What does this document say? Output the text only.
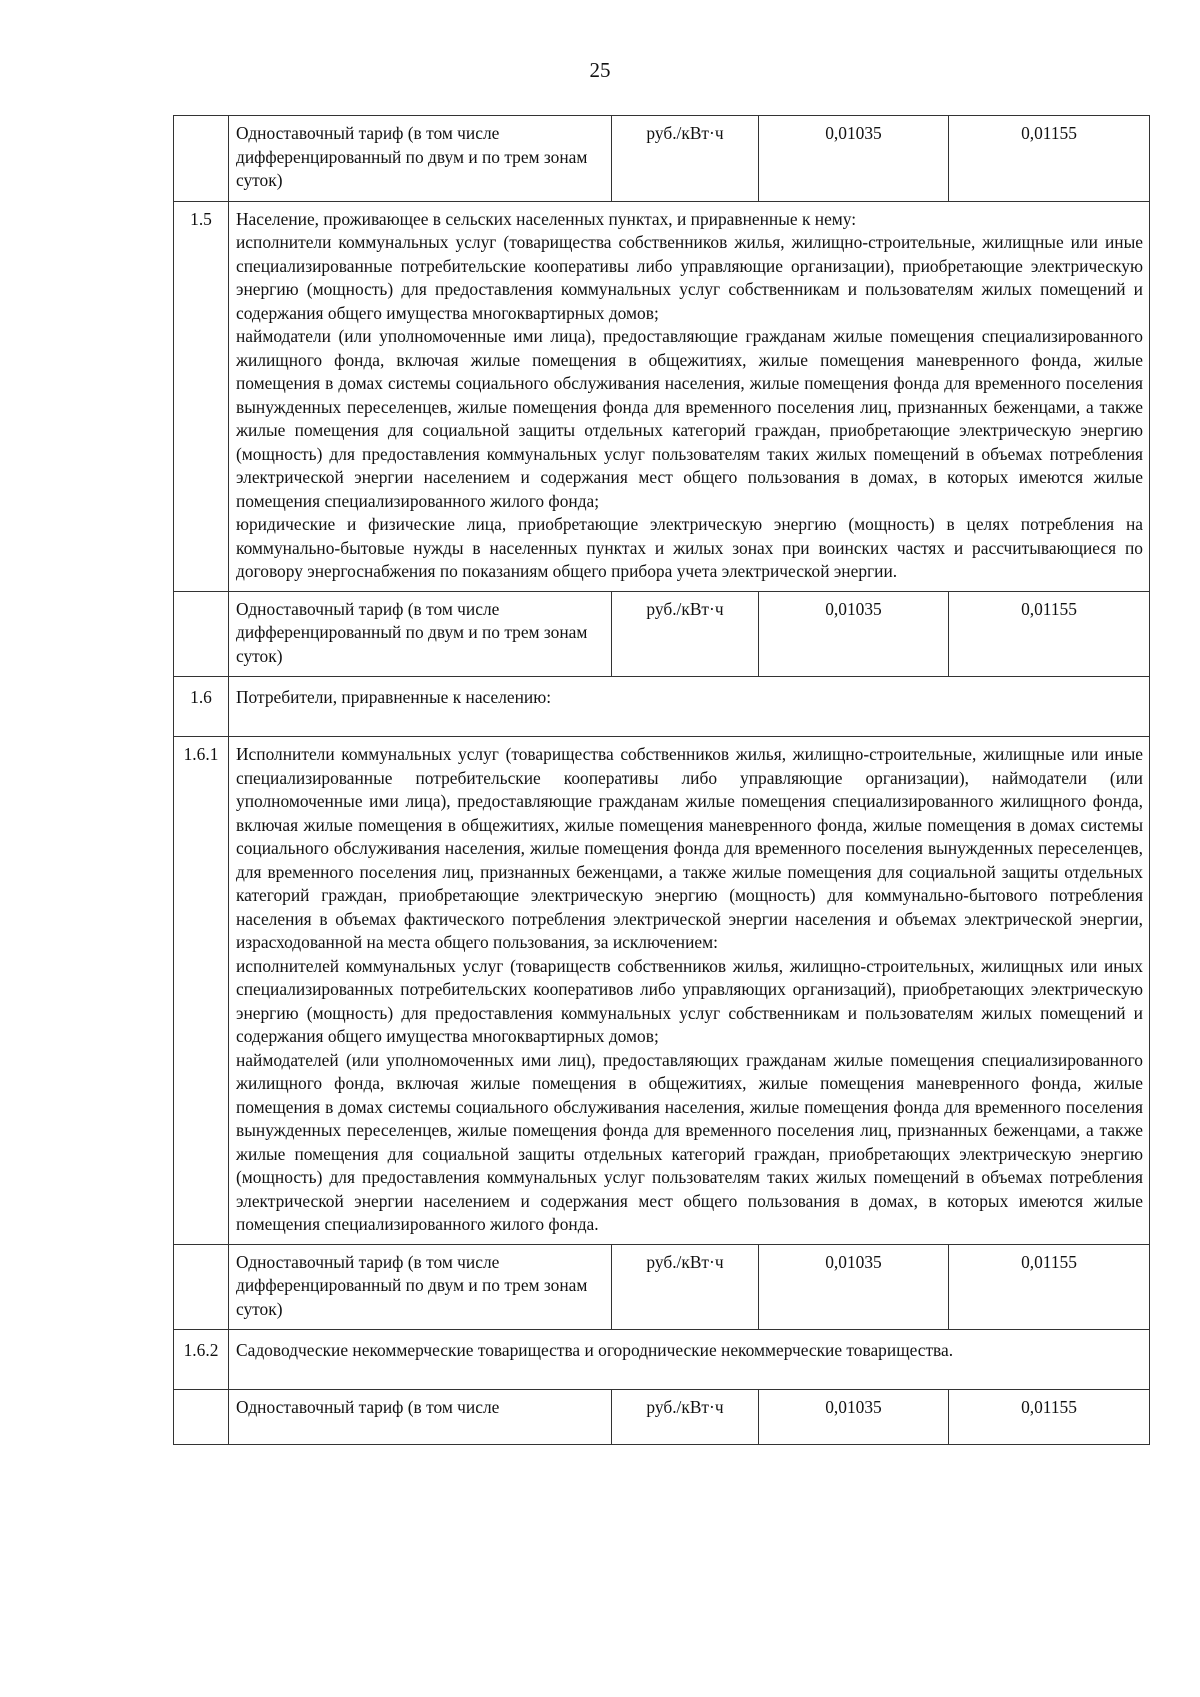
25
	Одноставочный тариф (в том числе дифференцированный по двум и по трем зонам суток)	руб./кВт·ч	0,01035	0,01155
1.5	Население, проживающее в сельских населенных пунктах, и приравненные к нему:

исполнители коммунальных услуг (товарищества собственников жилья, жилищно-строительные, жилищные или иные специализированные потребительские кооперативы либо управляющие организации), приобретающие электрическую энергию (мощность) для предоставления коммунальных услуг собственникам и пользователям жилых помещений и содержания общего имущества многоквартирных домов;

наймодатели (или уполномоченные ими лица), предоставляющие гражданам жилые помещения специализированного жилищного фонда, включая жилые помещения в общежитиях, жилые помещения маневренного фонда, жилые помещения в домах системы социального обслуживания населения, жилые помещения фонда для временного поселения вынужденных переселенцев, жилые помещения фонда для временного поселения лиц, признанных беженцами, а также жилые помещения для социальной защиты отдельных категорий граждан, приобретающие электрическую энергию (мощность) для предоставления коммунальных услуг пользователям таких жилых помещений в объемах потребления электрической энергии населением и содержания мест общего пользования в домах, в которых имеются жилые помещения специализированного жилого фонда;

юридические и физические лица, приобретающие электрическую энергию (мощность) в целях потребления на коммунально-бытовые нужды в населенных пунктах и жилых зонах при воинских частях и рассчитывающиеся по договору энергоснабжения по показаниям общего прибора учета электрической энергии.			

	Одноставочный тариф (в том числе дифференцированный по двум и по трем зонам суток)	руб./кВт·ч	0,01035	0,01155
1.6	Потребители, приравненные к населению:			
1.6.1	Исполнители коммунальных услуг (товарищества собственников жилья, жилищно-строительные, жилищные или иные специализированные потребительские кооперативы либо управляющие организации), наймодатели (или уполномоченные ими лица), предоставляющие гражданам жилые помещения специализированного жилищного фонда, включая жилые помещения в общежитиях, жилые помещения маневренного фонда, жилые помещения в домах системы социального обслуживания населения, жилые помещения фонда для временного поселения вынужденных переселенцев, для временного поселения лиц, признанных беженцами, а также жилые помещения для социальной защиты отдельных категорий граждан, приобретающие электрическую энергию (мощность) для коммунально-бытового потребления населения в объемах фактического потребления электрической энергии населения и объемах электрической энергии, израсходованной на места общего пользования, за исключением:

исполнителей коммунальных услуг (товариществ собственников жилья, жилищно-строительных, жилищных или иных специализированных потребительских кооперативов либо управляющих организаций), приобретающих электрическую энергию (мощность) для предоставления коммунальных услуг собственникам и пользователям жилых помещений и содержания общего имущества многоквартирных домов;

наймодателей (или уполномоченных ими лиц), предоставляющих гражданам жилые помещения специализированного жилищного фонда, включая жилые помещения в общежитиях, жилые помещения маневренного фонда, жилые помещения в домах системы социального обслуживания населения, жилые помещения фонда для временного поселения вынужденных переселенцев, жилые помещения фонда для временного поселения лиц, признанных беженцами, а также жилые помещения для социальной защиты отдельных категорий граждан, приобретающих электрическую энергию (мощность) для предоставления коммунальных услуг пользователям таких жилых помещений в объемах потребления электрической энергии населением и содержания мест общего пользования в домах, в которых имеются жилые помещения специализированного жилого фонда.			

	Одноставочный тариф (в том числе дифференцированный по двум и по трем зонам суток)	руб./кВт·ч	0,01035	0,01155
1.6.2	Садоводческие некоммерческие товарищества и огороднические некоммерческие товарищества.			
	Одноставочный тариф (в том числе	руб./кВт·ч	0,01035	0,01155
